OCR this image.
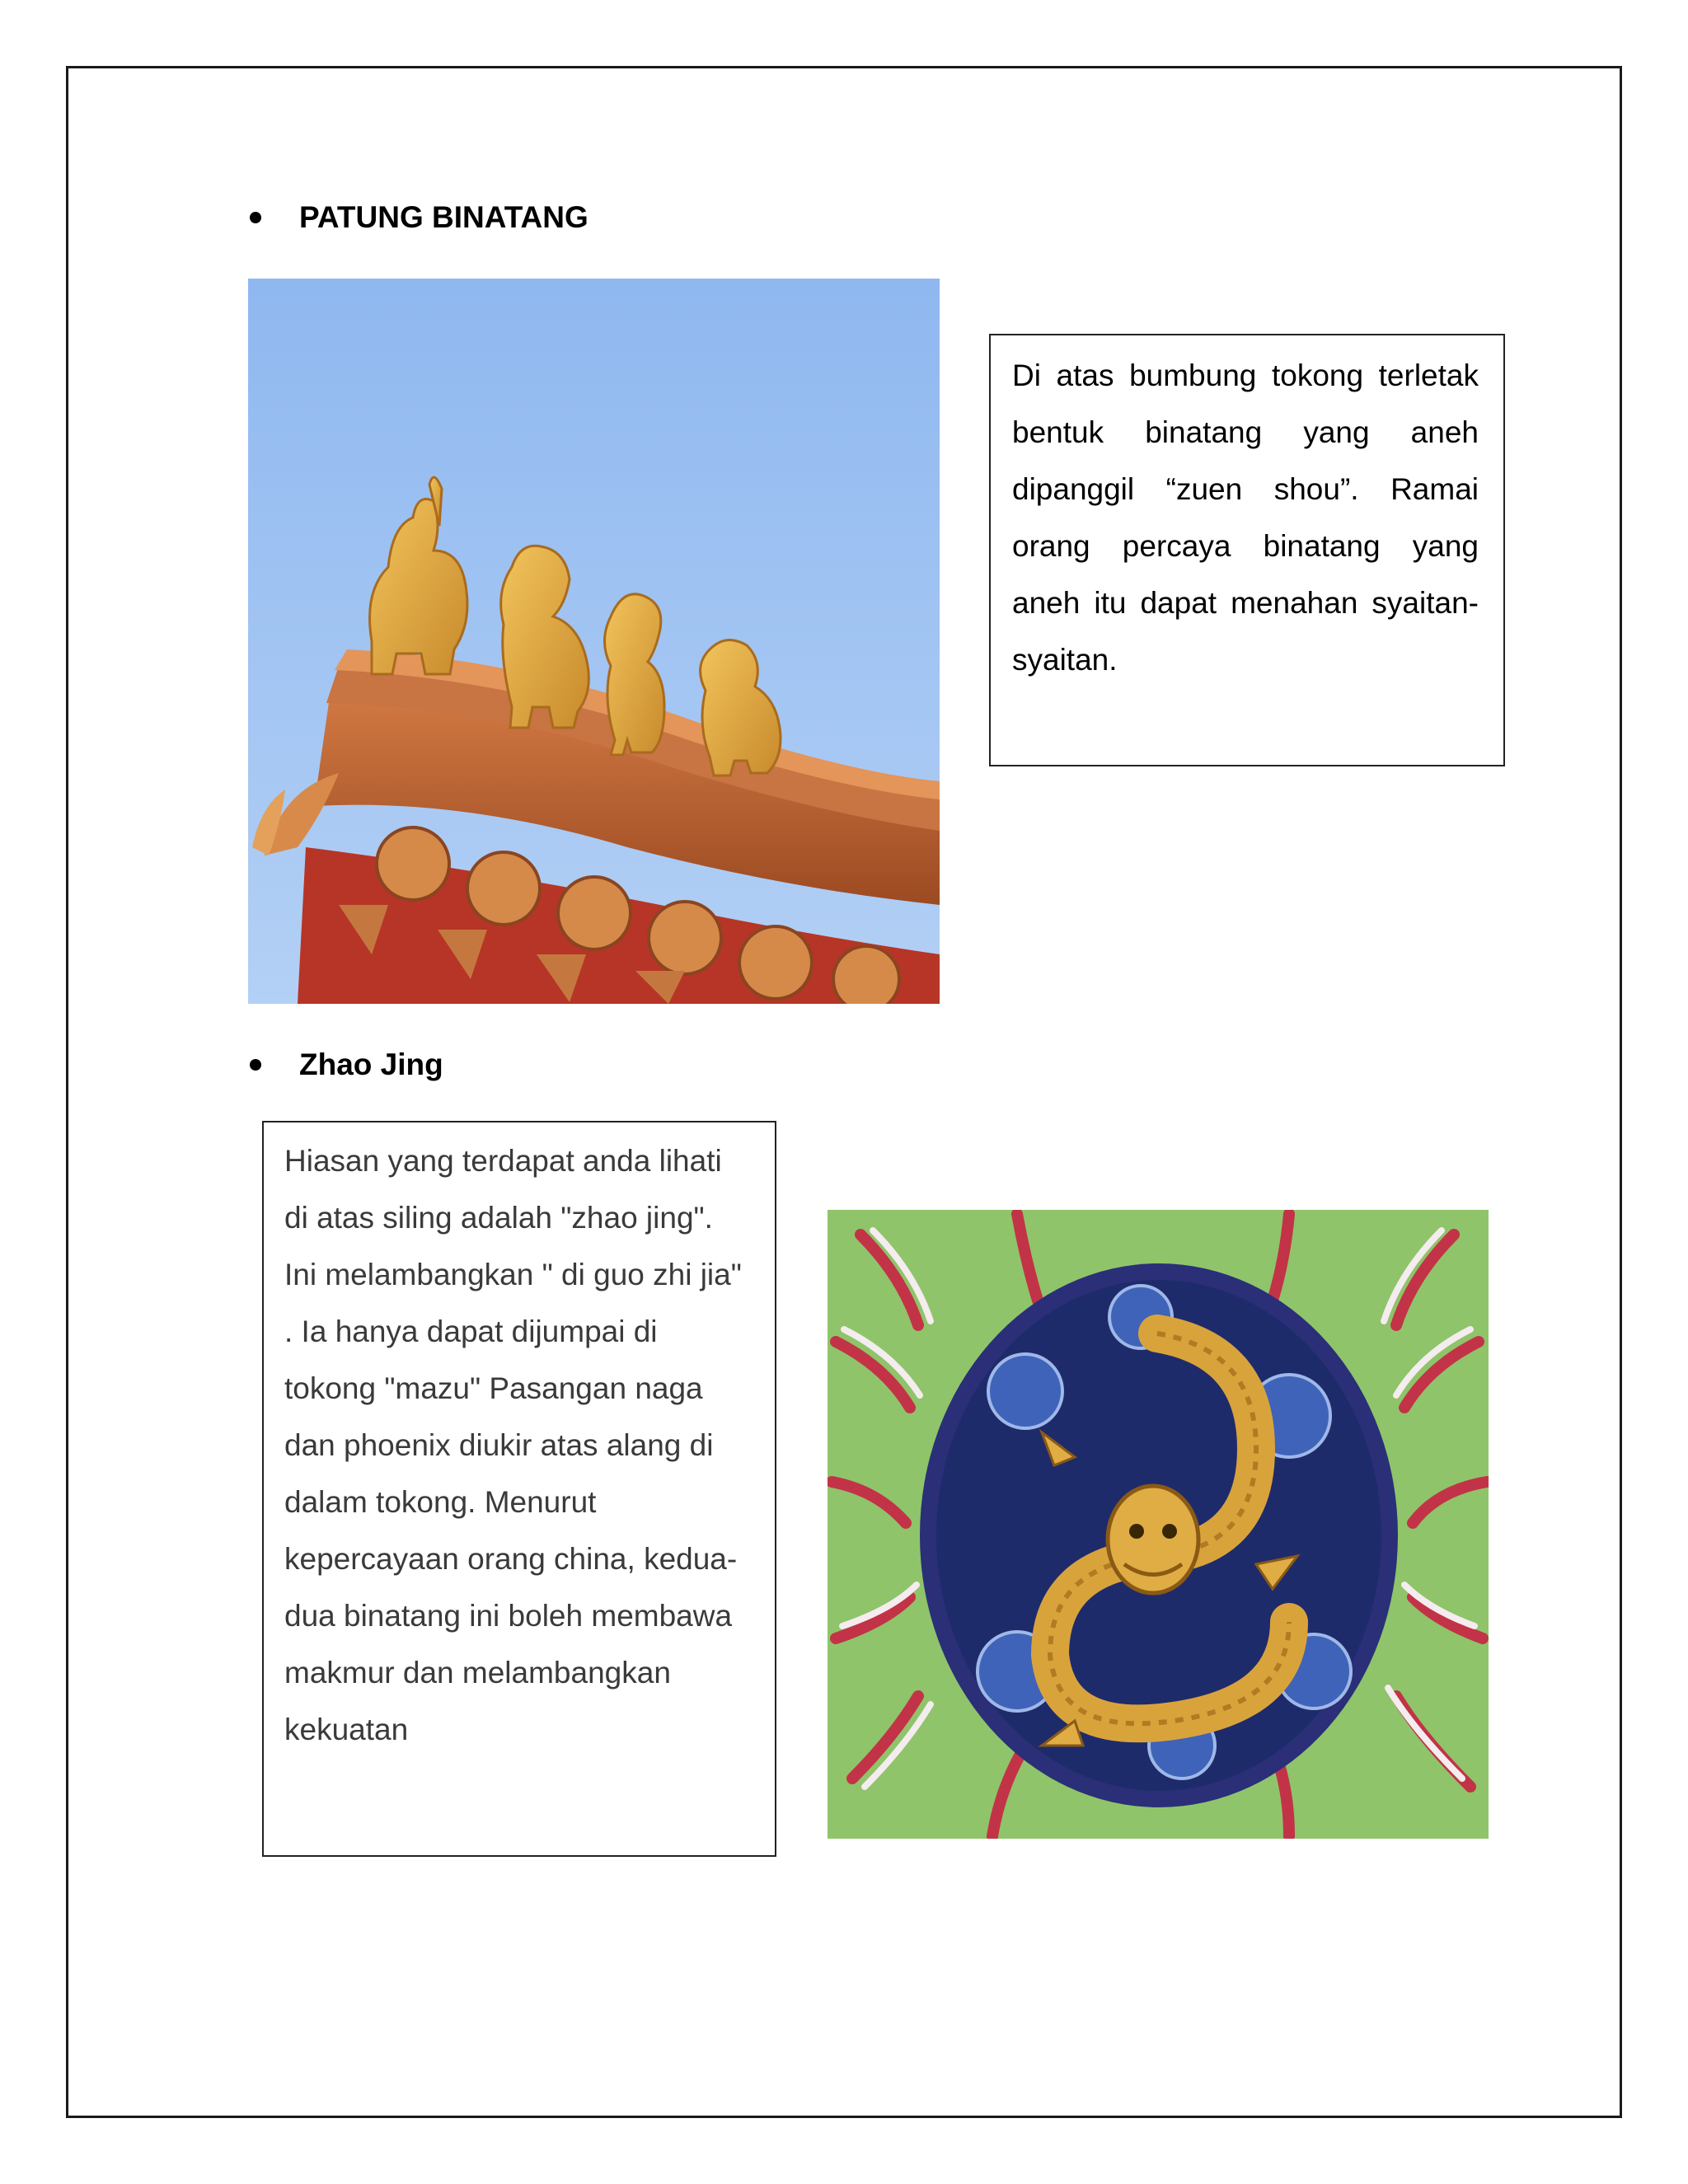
PATUNG BINATANG

Di atas bumbung tokong terletak bentuk binatang yang aneh dipanggil “zuen shou”. Ramai orang percaya binatang yang aneh itu dapat menahan syaitan-syaitan.

Zhao Jing

Hiasan yang terdapat anda lihati di atas siling adalah "zhao jing". Ini melambangkan " di guo zhi jia" . Ia hanya dapat dijumpai di tokong "mazu" Pasangan naga dan phoenix diukir atas alang di dalam tokong. Menurut kepercayaan orang china, kedua-dua binatang ini boleh membawa makmur dan melambangkan kekuatan
